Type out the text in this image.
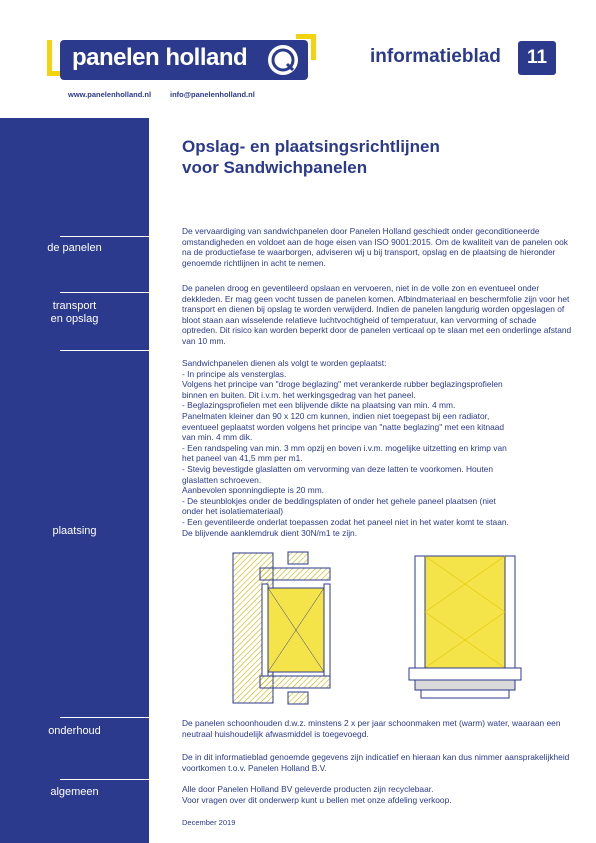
panelen holland
www.panelenholland.nl	info@panelenholland.nl
informatieblad	11
Opslag- en plaatsingsrichtlijnen
voor Sandwichpanelen
de panelen
transport
en opslag
plaatsing
onderhoud
algemeen
De vervaardiging van sandwichpanelen door Panelen Holland geschiedt onder geconditioneerde omstandigheden en voldoet aan de hoge eisen van ISO 9001:2015. Om de kwaliteit van de panelen ook na de productiefase te waarborgen, adviseren wij u bij transport, opslag en de plaatsing de hieronder genoemde richtlijnen in acht te nemen.
De panelen droog en geventileerd opslaan en vervoeren, niet in de volle zon en eventueel onder dekkleden. Er mag geen vocht tussen de panelen komen. Afbindmateriaal en beschermfolie zijn voor het transport en dienen bij opslag te worden verwijderd. Indien de panelen langdurig worden opgeslagen of bloot staan aan wisselende relatieve luchtvochtigheid of temperatuur, kan vervorming of schade optreden. Dit risico kan worden beperkt door de panelen verticaal op te slaan met een onderlinge afstand van 10 mm.

Sandwichpanelen dienen als volgt te worden geplaatst:

- In principe als vensterglas.

Volgens het principe van "droge beglazing" met verankerde rubber beglazingsprofielen

binnen en buiten. Dit i.v.m. het werkingsgedrag van het paneel.

- Beglazingsprofielen met een blijvende dikte na plaatsing van min. 4 mm.

Panelmaten kleiner dan 90 x 120 cm kunnen, indien niet toegepast bij een radiator,

eventueel geplaatst worden volgens het principe van "natte beglazing" met een kitnaad

van min. 4 mm dik.

- Een randspeling van min. 3 mm opzij en boven i.v.m. mogelijke uitzetting en krimp van

het paneel van 41,5 mm per m1.

- Stevig bevestigde glaslatten om vervorming van deze latten te voorkomen. Houten

glaslatten schroeven.

Aanbevolen sponningdiepte is 20 mm.

- De steunblokjes onder de beddingsplaten of onder het gehele paneel plaatsen (niet

onder het isolatiemateriaal)

- Een geventileerde onderlat toepassen zodat het paneel niet in het water komt te staan.

De blijvende aanklemdruk dient 30N/m1 te zijn.

De panelen schoonhouden d.w.z. minstens 2 x per jaar schoonmaken met (warm) water, waaraan een neutraal huishoudelijk afwasmiddel is toegevoegd.
De in dit informatieblad genoemde gegevens zijn indicatief en hieraan kan dus nimmer aansprakelijkheid voortkomen t.o.v. Panelen Holland B.V.
Alle door Panelen Holland BV geleverde producten zijn recyclebaar.
Voor vragen over dit onderwerp kunt u bellen met onze afdeling verkoop.
December 2019
